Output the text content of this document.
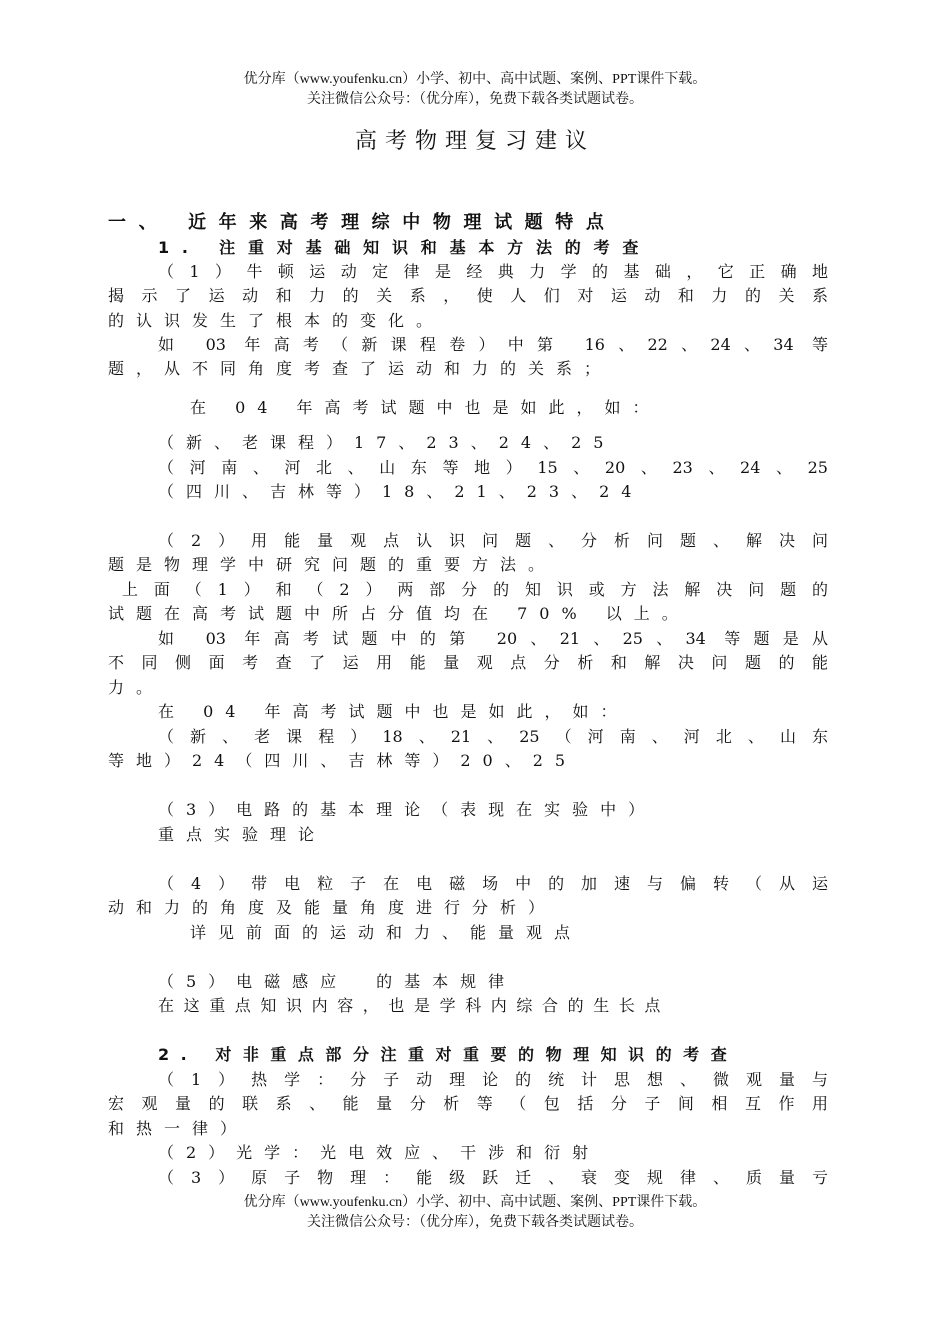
优分库（www.youfenku.cn）小学、初中、高中试题、案例、PPT课件下载。
关注微信公众号：（优分库），免费下载各类试题试卷。
高考物理复习建议
一、 近年来高考理综中物理试题特点
1. 注重对基础知识和基本方法的考查
（1）牛顿运动定律是经典力学的基础，它正确地
揭示了运动和力的关系，使人们对运动和力的关系
的认识发生了根本的变化。
如 03 年高考（新课程卷）中第 16、22、24、34 等
题，从不同角度考查了运动和力的关系；
在 04 年高考试题中也是如此，如：
（新、老课程）17、23、24、25
（河南、河北、山东等地）15、20、23、24、25
（四川、吉林等）18、21、23、24
（2）用能量观点认识问题、分析问题、解决问
题是物理学中研究问题的重要方法。
上面（1）和（2）两部分的知识或方法解决问题的
试题在高考试题中所占分值均在 70% 以上。
如 03 年高考试题中的第 20、21、25、34 等题是从
不同侧面考查了运用能量观点分析和解决问题的能
力。
在 04 年高考试题中也是如此，如：
（新、老课程）18、21、25（河南、河北、山东
等地）24（四川、吉林等）20、25
（3）电路的基本理论（表现在实验中）
重点实验理论
（4）带电粒子在电磁场中的加速与偏转（从运
动和力的角度及能量角度进行分析）
详见前面的运动和力、能量观点
（5）电磁感应　的基本规律
在这重点知识内容，也是学科内综合的生长点
2. 对非重点部分注重对重要的物理知识的考查
（1）热学：分子动理论的统计思想、微观量与
宏观量的联系、能量分析等（包括分子间相互作用
和热一律）
（2）光学：光电效应、干涉和衍射
（3）原子物理：能级跃迁、衰变规律、质量亏
优分库（www.youfenku.cn）小学、初中、高中试题、案例、PPT课件下载。
关注微信公众号：（优分库），免费下载各类试题试卷。
